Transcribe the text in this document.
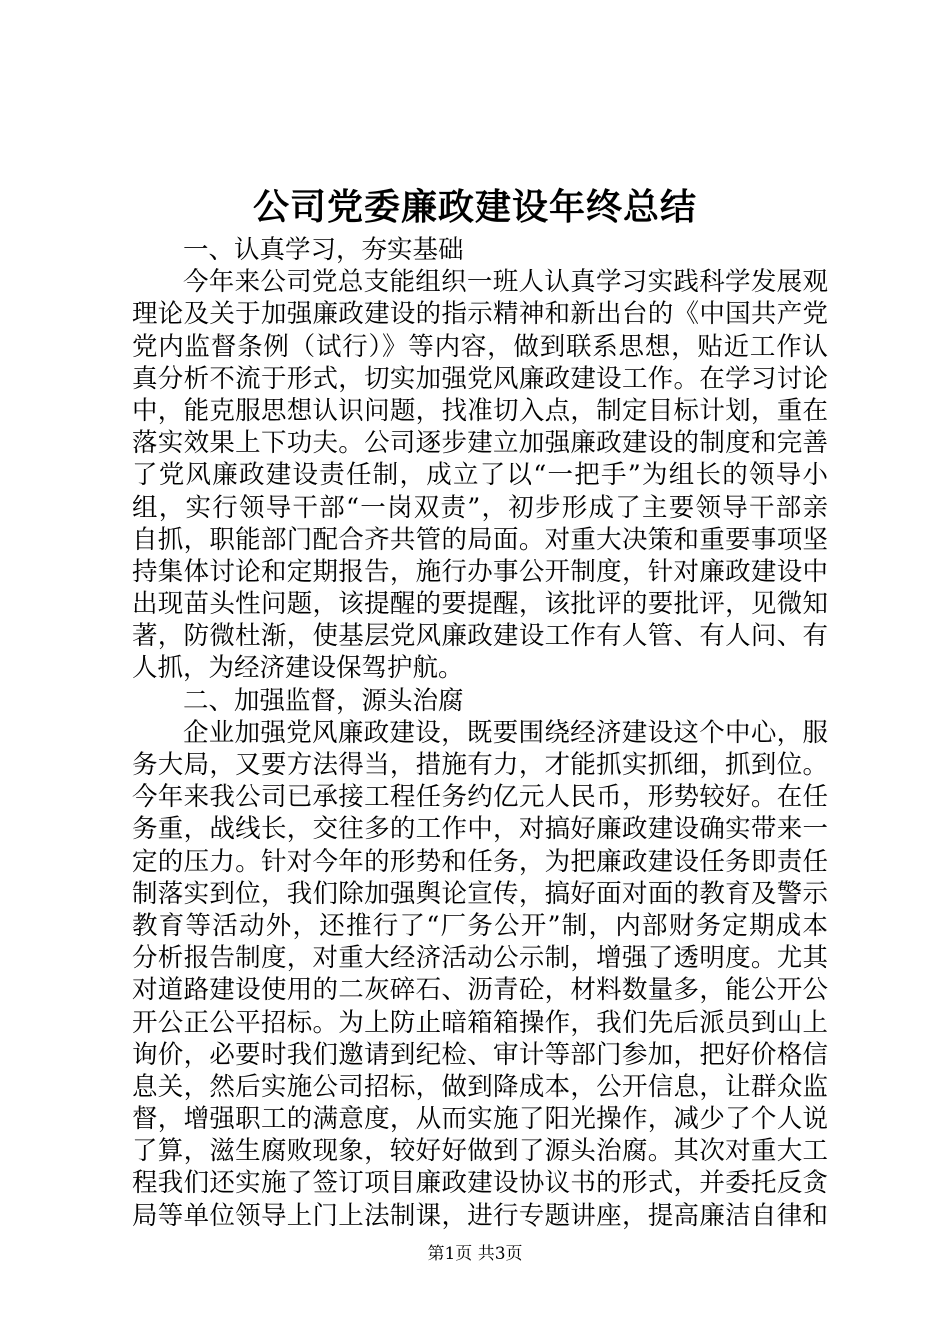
公司党委廉政建设年终总结
一、认真学习，夯实基础
今年来公司党总支能组织一班人认真学习实践科学发展观
理论及关于加强廉政建设的指示精神和新出台的《中国共产党
党内监督条例（试行）》等内容，做到联系思想，贴近工作认
真分析不流于形式，切实加强党风廉政建设工作。在学习讨论
中，能克服思想认识问题，找准切入点，制定目标计划，重在
落实效果上下功夫。公司逐步建立加强廉政建设的制度和完善
了党风廉政建设责任制，成立了以“一把手”为组长的领导小
组，实行领导干部“一岗双责”，初步形成了主要领导干部亲
自抓，职能部门配合齐共管的局面。对重大决策和重要事项坚
持集体讨论和定期报告，施行办事公开制度，针对廉政建设中
出现苗头性问题，该提醒的要提醒，该批评的要批评，见微知
著，防微杜渐，使基层党风廉政建设工作有人管、有人问、有
人抓，为经济建设保驾护航。
二、加强监督，源头治腐
企业加强党风廉政建设，既要围绕经济建设这个中心，服
务大局，又要方法得当，措施有力，才能抓实抓细，抓到位。
今年来我公司已承接工程任务约亿元人民币，形势较好。在任
务重，战线长，交往多的工作中，对搞好廉政建设确实带来一
定的压力。针对今年的形势和任务，为把廉政建设任务即责任
制落实到位，我们除加强舆论宣传，搞好面对面的教育及警示
教育等活动外，还推行了“厂务公开”制，内部财务定期成本
分析报告制度，对重大经济活动公示制，增强了透明度。尤其
对道路建设使用的二灰碎石、沥青砼，材料数量多，能公开公
开公正公平招标。为上防止暗箱箱操作，我们先后派员到山上
询价，必要时我们邀请到纪检、审计等部门参加，把好价格信
息关，然后实施公司招标，做到降成本，公开信息，让群众监
督，增强职工的满意度，从而实施了阳光操作，减少了个人说
了算，滋生腐败现象，较好好做到了源头治腐。其次对重大工
程我们还实施了签订项目廉政建设协议书的形式，并委托反贪
局等单位领导上门上法制课，进行专题讲座，提高廉洁自律和
第1页 共3页
